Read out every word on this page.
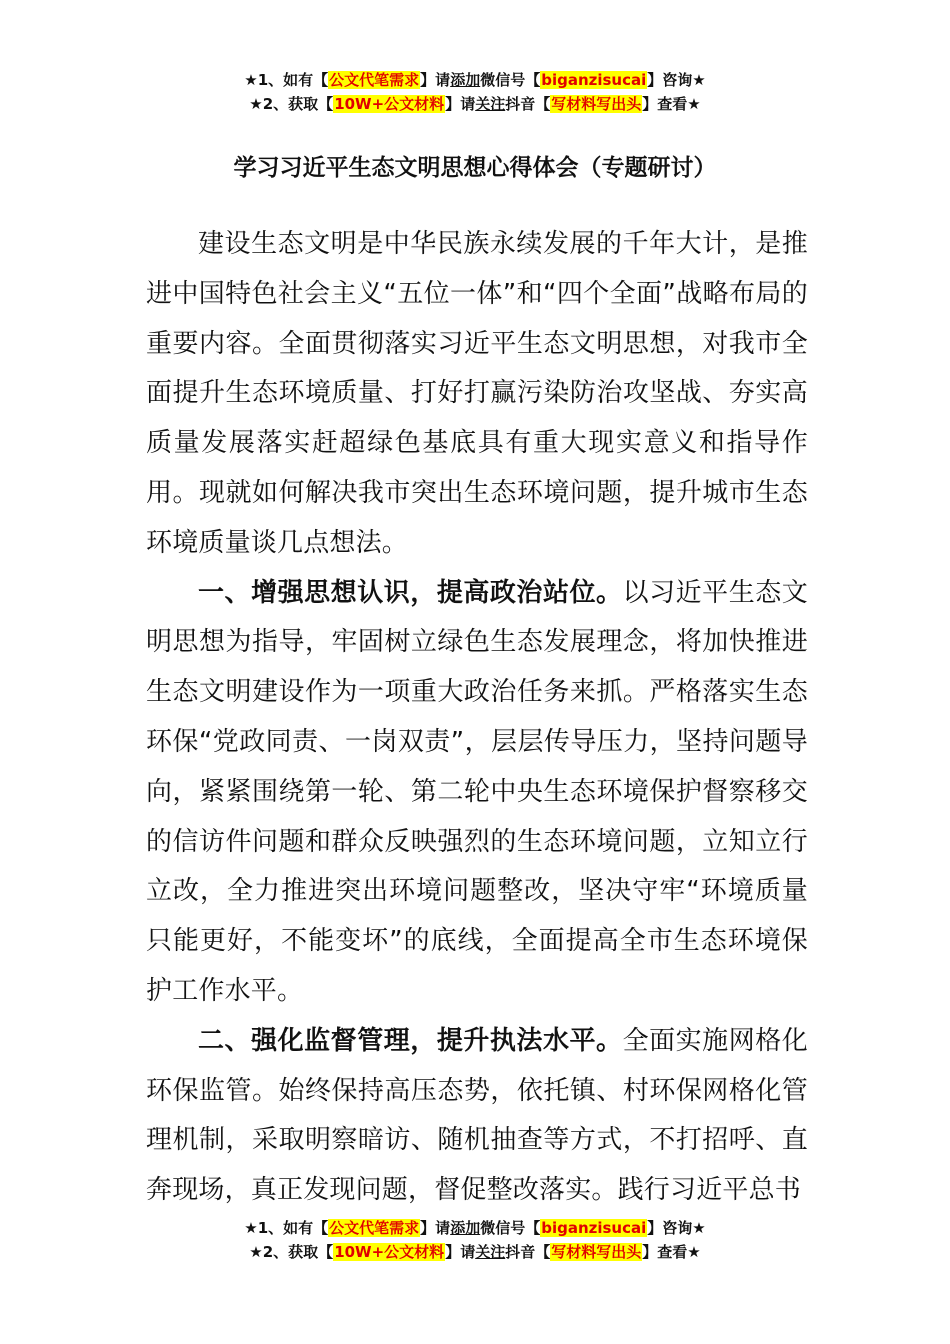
★1、如有【公文代笔需求】请添加微信号【biganzisucai】咨询★
★2、获取【10W+公文材料】请关注抖音【写材料写出头】查看★
学习习近平生态文明思想心得体会（专题研讨）

建设生态文明是中华民族永续发展的千年大计，是推进中国特色社会主义“五位一体”和“四个全面”战略布局的重要内容。全面贯彻落实习近平生态文明思想，对我市全面提升生态环境质量、打好打赢污染防治攻坚战、夯实高质量发展落实赶超绿色基底具有重大现实意义和指导作用。现就如何解决我市突出生态环境问题，提升城市生态环境质量谈几点想法。

一、增强思想认识，提高政治站位。以习近平生态文明思想为指导，牢固树立绿色生态发展理念，将加快推进生态文明建设作为一项重大政治任务来抓。严格落实生态环保“党政同责、一岗双责”，层层传导压力，坚持问题导向，紧紧围绕第一轮、第二轮中央生态环境保护督察移交的信访件问题和群众反映强烈的生态环境问题，立知立行立改，全力推进突出环境问题整改，坚决守牢“环境质量只能更好，不能变坏”的底线，全面提高全市生态环境保护工作水平。

二、强化监督管理，提升执法水平。全面实施网格化环保监管。始终保持高压态势，依托镇、村环保网格化管理机制，采取明察暗访、随机抽查等方式，不打招呼、直奔现场，真正发现问题，督促整改落实。践行习近平总书

★1、如有【公文代笔需求】请添加微信号【biganzisucai】咨询★
★2、获取【10W+公文材料】请关注抖音【写材料写出头】查看★
